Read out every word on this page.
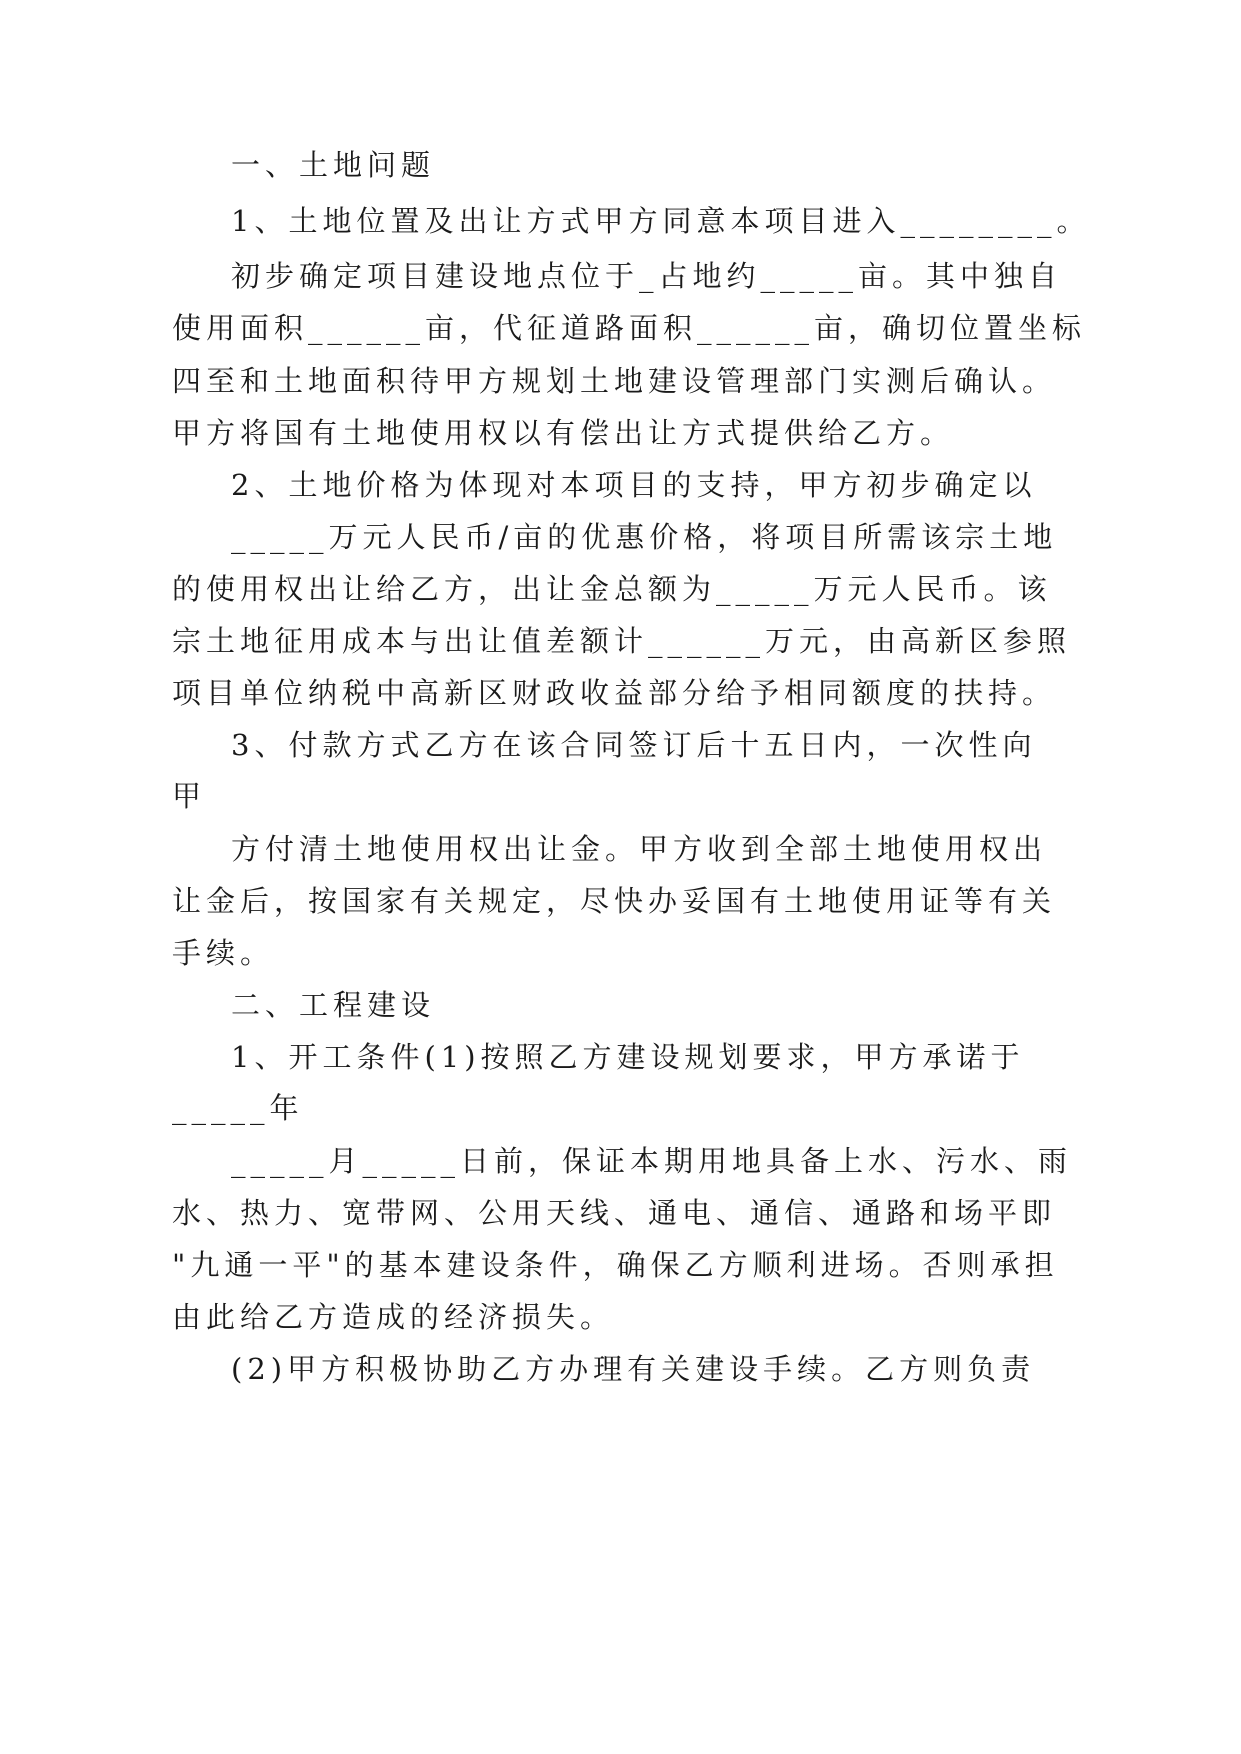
一、土地问题
1、土地位置及出让方式甲方同意本项目进入________。
初步确定项目建设地点位于_占地约_____亩。其中独自
使用面积______亩，代征道路面积______亩，确切位置坐标
四至和土地面积待甲方规划土地建设管理部门实测后确认。
甲方将国有土地使用权以有偿出让方式提供给乙方。
2、土地价格为体现对本项目的支持，甲方初步确定以
_____万元人民币/亩的优惠价格，将项目所需该宗土地
的使用权出让给乙方，出让金总额为_____万元人民币。该
宗土地征用成本与出让值差额计______万元，由高新区参照
项目单位纳税中高新区财政收益部分给予相同额度的扶持。
3、付款方式乙方在该合同签订后十五日内，一次性向
甲
方付清土地使用权出让金。甲方收到全部土地使用权出
让金后，按国家有关规定，尽快办妥国有土地使用证等有关
手续。
二、工程建设
1、开工条件(1)按照乙方建设规划要求，甲方承诺于
_____年
_____月_____日前，保证本期用地具备上水、污水、雨
水、热力、宽带网、公用天线、通电、通信、通路和场平即
"九通一平"的基本建设条件，确保乙方顺利进场。否则承担
由此给乙方造成的经济损失。
(2)甲方积极协助乙方办理有关建设手续。乙方则负责
